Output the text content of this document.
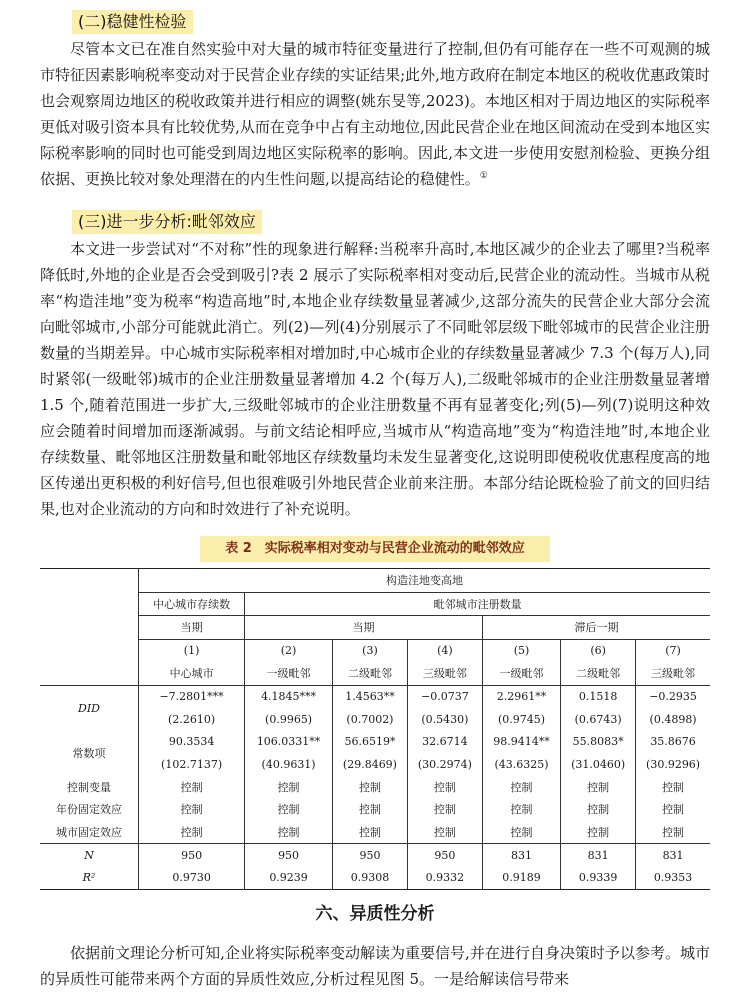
(二)稳健性检验

尽管本文已在准自然实验中对大量的城市特征变量进行了控制,但仍有可能存在一些不可观测的城市特征因素影响税率变动对于民营企业存续的实证结果;此外,地方政府在制定本地区的税收优惠政策时也会观察周边地区的税收政策并进行相应的调整(姚东旻等,2023)。本地区相对于周边地区的实际税率更低对吸引资本具有比较优势,从而在竞争中占有主动地位,因此民营企业在地区间流动在受到本地区实际税率影响的同时也可能受到周边地区实际税率的影响。因此,本文进一步使用安慰剂检验、更换分组依据、更换比较对象处理潜在的内生性问题,以提高结论的稳健性。①

(三)进一步分析:毗邻效应

本文进一步尝试对“不对称”性的现象进行解释:当税率升高时,本地区减少的企业去了哪里?当税率降低时,外地的企业是否会受到吸引?表 2 展示了实际税率相对变动后,民营企业的流动性。当城市从税率“构造洼地”变为税率“构造高地”时,本地企业存续数量显著减少,这部分流失的民营企业大部分会流向毗邻城市,小部分可能就此消亡。列(2)—列(4)分别展示了不同毗邻层级下毗邻城市的民营企业注册数量的当期差异。中心城市实际税率相对增加时,中心城市企业的存续数量显著减少 7.3 个(每万人),同时紧邻(一级毗邻)城市的企业注册数量显著增加 4.2 个(每万人),二级毗邻城市的企业注册数量显著增 1.5 个,随着范围进一步扩大,三级毗邻城市的企业注册数量不再有显著变化;列(5)—列(7)说明这种效应会随着时间增加而逐渐减弱。与前文结论相呼应,当城市从“构造高地”变为“构造洼地”时,本地企业存续数量、毗邻地区注册数量和毗邻地区存续数量均未发生显著变化,这说明即使税收优惠程度高的地区传递出更积极的利好信号,但也很难吸引外地民营企业前来注册。本部分结论既检验了前文的回归结果,也对企业流动的方向和时效进行了补充说明。

表 2　实际税率相对变动与民营企业流动的毗邻效应
	构造洼地变高地						
	中心城市存续数	毗邻城市注册数量					
	当期	当期			滞后一期		
	(1)	(2)	(3)	(4)	(5)	(6)	(7)
	中心城市	一级毗邻	二级毗邻	三级毗邻	一级毗邻	二级毗邻	三级毗邻
DID	−7.2801***	4.1845***	1.4563**	−0.0737	2.2961**	0.1518	−0.2935
	(2.2610)	(0.9965)	(0.7002)	(0.5430)	(0.9745)	(0.6743)	(0.4898)
常数项	90.3534	106.0331**	56.6519*	32.6714	98.9414**	55.8083*	35.8676
	(102.7137)	(40.9631)	(29.8469)	(30.2974)	(43.6325)	(31.0460)	(30.9296)
控制变量	控制	控制	控制	控制	控制	控制	控制
年份固定效应	控制	控制	控制	控制	控制	控制	控制
城市固定效应	控制	控制	控制	控制	控制	控制	控制
N	950	950	950	950	831	831	831
R²	0.9730	0.9239	0.9308	0.9332	0.9189	0.9339	0.9353
六、异质性分析

依据前文理论分析可知,企业将实际税率变动解读为重要信号,并在进行自身决策时予以参考。城市的异质性可能带来两个方面的异质性效应,分析过程见图 5。一是给解读信号带来
